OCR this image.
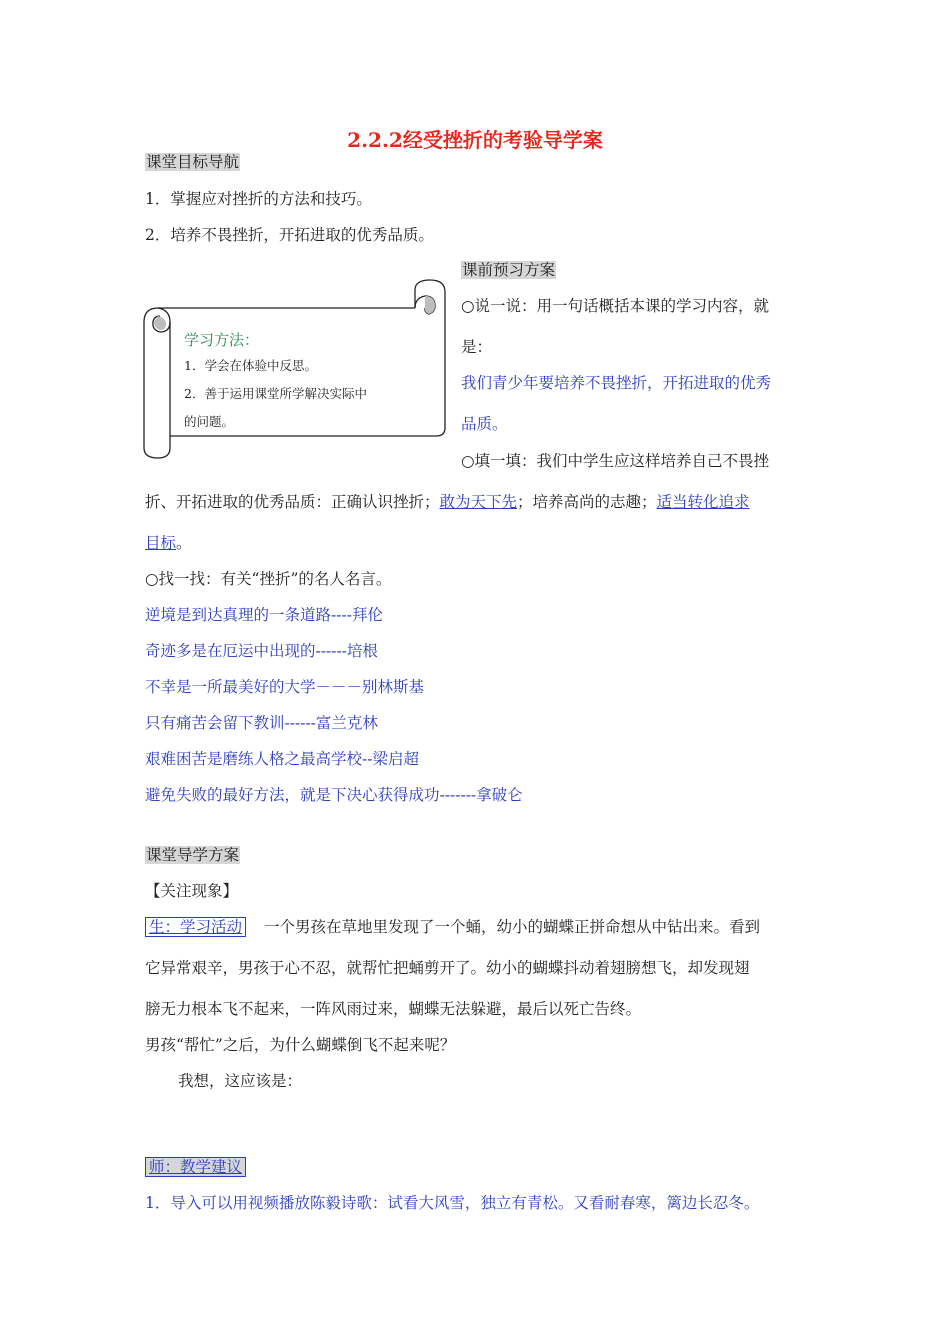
2.2.2经受挫折的考验导学案
课堂目标导航
1．掌握应对挫折的方法和技巧。
2．培养不畏挫折，开拓进取的优秀品质。
课前预习方案
学习方法：
1．学会在体验中反思。
2．善于运用课堂所学解决实际中
的问题。
○说一说：用一句话概括本课的学习内容，就
是：
我们青少年要培养不畏挫折，开拓进取的优秀
品质。
○填一填：我们中学生应这样培养自己不畏挫
折、开拓进取的优秀品质：正确认识挫折；敢为天下先；培养高尚的志趣；适当转化追求
目标。
○找一找：有关“挫折”的名人名言。
逆境是到达真理的一条道路----拜伦
奇迹多是在厄运中出现的------培根
不幸是一所最美好的大学－－－别林斯基
只有痛苦会留下教训------富兰克林
艰难困苦是磨练人格之最高学校--梁启超
避免失败的最好方法，就是下决心获得成功-------拿破仑
课堂导学方案
【关注现象】
生：学习活动 一个男孩在草地里发现了一个蛹，幼小的蝴蝶正拼命想从中钻出来。看到
它异常艰辛，男孩于心不忍，就帮忙把蛹剪开了。幼小的蝴蝶抖动着翅膀想飞，却发现翅
膀无力根本飞不起来，一阵风雨过来，蝴蝶无法躲避，最后以死亡告终。
男孩“帮忙”之后，为什么蝴蝶倒飞不起来呢？
我想，这应该是：
师：教学建议
1．导入可以用视频播放陈毅诗歌：试看大风雪，独立有青松。又看耐春寒，篱边长忍冬。
